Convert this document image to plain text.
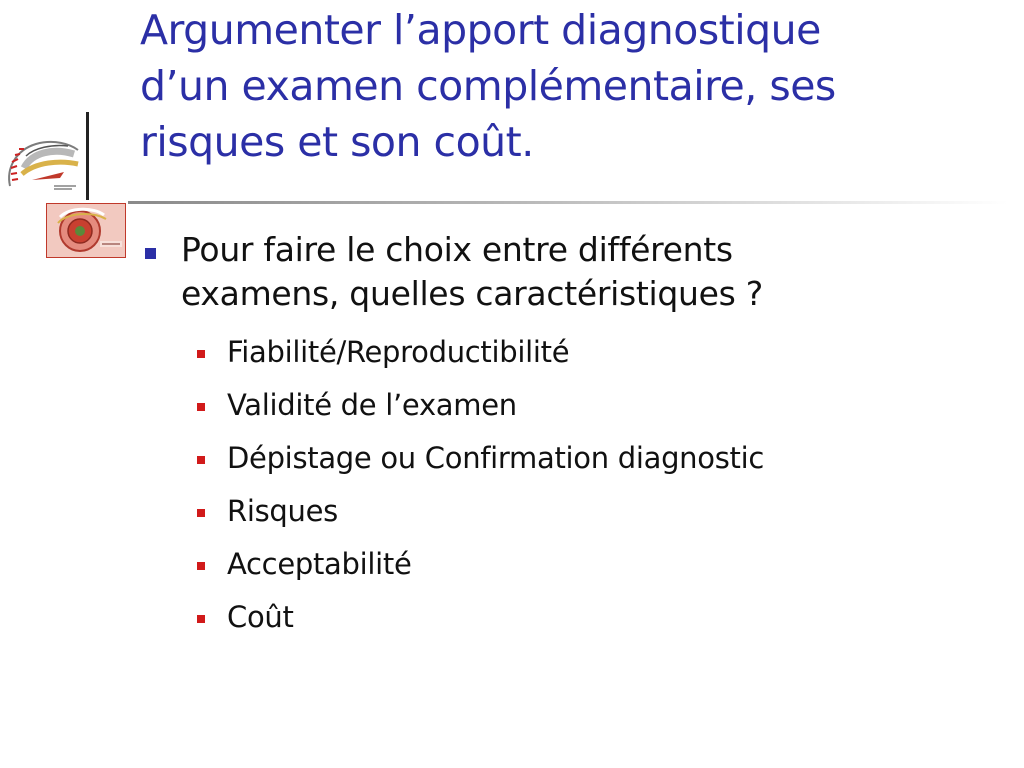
Argumenter l’apport diagnostique
d’un examen complémentaire, ses
risques et son coût.
Pour faire le choix entre différents
examens, quelles caractéristiques ?
Fiabilité/Reproductibilité
Validité de l’examen
Dépistage ou Confirmation diagnostic
Risques
Acceptabilité
Coût
